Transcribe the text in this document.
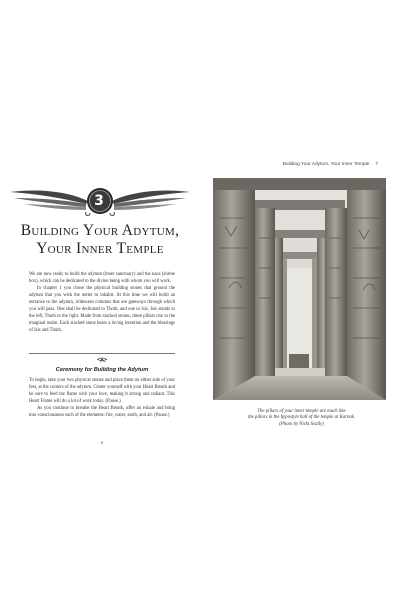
3
Building Your Adytum,
Your Inner Temple

We are now ready to build the adytum (inner sanctuary) and the naos (shrine box), which can be dedicated to the divine being with whom you will work.

In chapter 1 you chose the physical building stones that ground the adytum that you wish the netter to inhabit. At this time we will build an entrance to the adytum, iridescent columns that are gateways through which you will pass. One shall be dedicated to Thoth, and one to Isis. Isis stands to the left, Thoth to the right. Made from stacked stones, these pillars rise to the imaginal realm. Each stacked stone bears a loving intention and the blessings of Isis and Thoth.

Ceremony for Building the Adytum

To begin, take your two physical stones and place them on either side of your feet, at the corners of the adytum. Center yourself with your Heart Breath and be sure to feed the flame with your love, making it strong and radiant. This Heart Flame will do a lot of work today. (Pause.)

As you continue to breathe the Heart Breath, offer an exhale and bring into consciousness each of the elements: fire, water, earth, and air. (Pause.)

6
Building Your Adytum, Your Inner Temple 7
The pillars of your inner temple are much like
the pillars in the hypostyle hall of the temple at Karnak.
(Photo by Nicki Scully)
